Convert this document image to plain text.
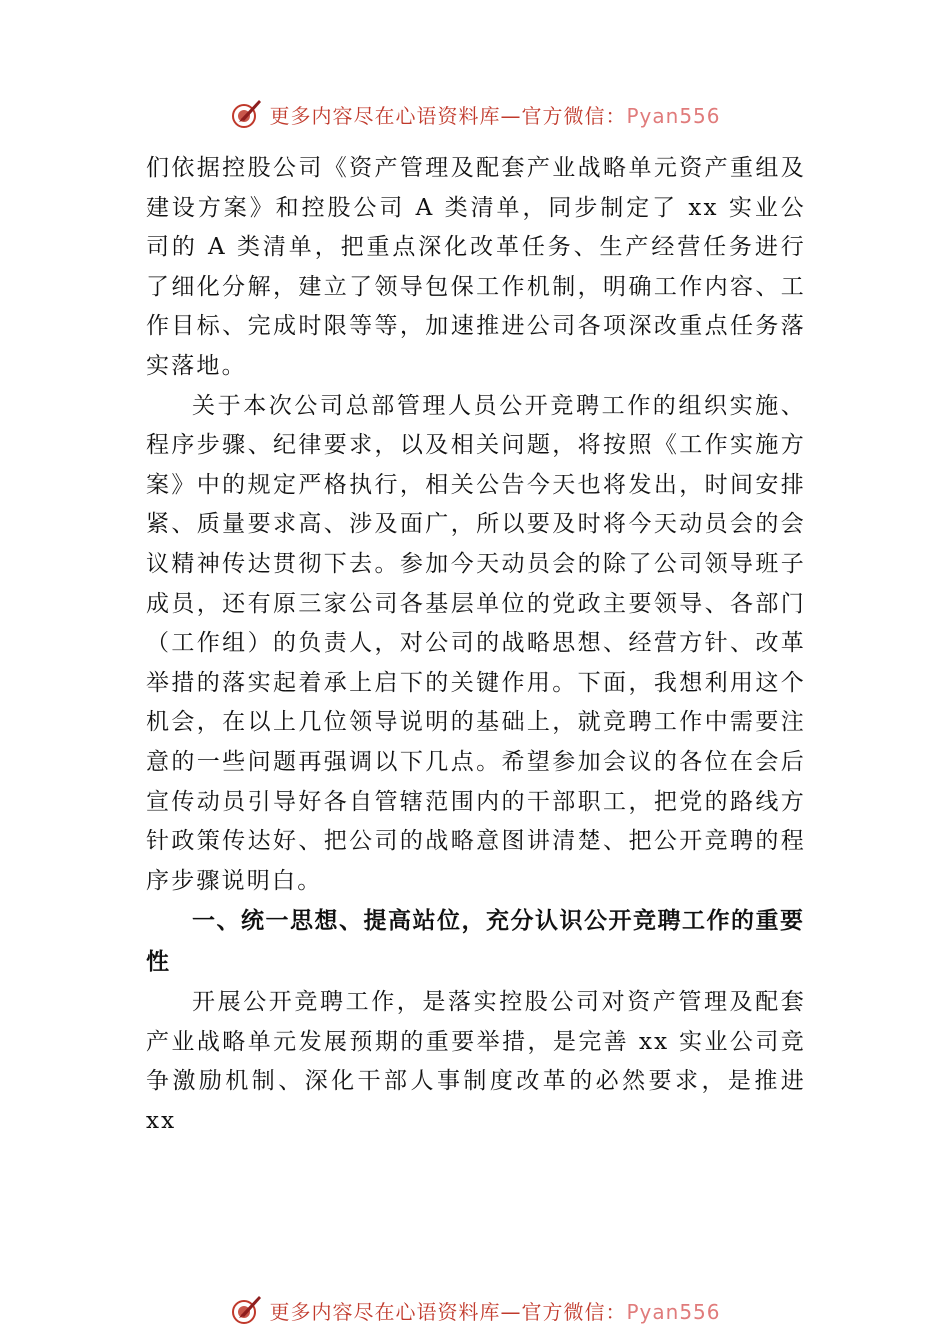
更多内容尽在心语资料库—官方微信：Pyan556

们依据控股公司《资产管理及配套产业战略单元资产重组及建设方案》和控股公司 A 类清单，同步制定了 xx 实业公司的 A 类清单，把重点深化改革任务、生产经营任务进行了细化分解，建立了领导包保工作机制，明确工作内容、工作目标、完成时限等等，加速推进公司各项深改重点任务落实落地。

关于本次公司总部管理人员公开竞聘工作的组织实施、程序步骤、纪律要求，以及相关问题，将按照《工作实施方案》中的规定严格执行，相关公告今天也将发出，时间安排紧、质量要求高、涉及面广，所以要及时将今天动员会的会议精神传达贯彻下去。参加今天动员会的除了公司领导班子成员，还有原三家公司各基层单位的党政主要领导、各部门（工作组）的负责人，对公司的战略思想、经营方针、改革举措的落实起着承上启下的关键作用。下面，我想利用这个机会，在以上几位领导说明的基础上，就竞聘工作中需要注意的一些问题再强调以下几点。希望参加会议的各位在会后宣传动员引导好各自管辖范围内的干部职工，把党的路线方针政策传达好、把公司的战略意图讲清楚、把公开竞聘的程序步骤说明白。

一、统一思想、提高站位，充分认识公开竞聘工作的重要性

开展公开竞聘工作，是落实控股公司对资产管理及配套产业战略单元发展预期的重要举措，是完善 xx 实业公司竞争激励机制、深化干部人事制度改革的必然要求，是推进 xx

更多内容尽在心语资料库—官方微信：Pyan556
